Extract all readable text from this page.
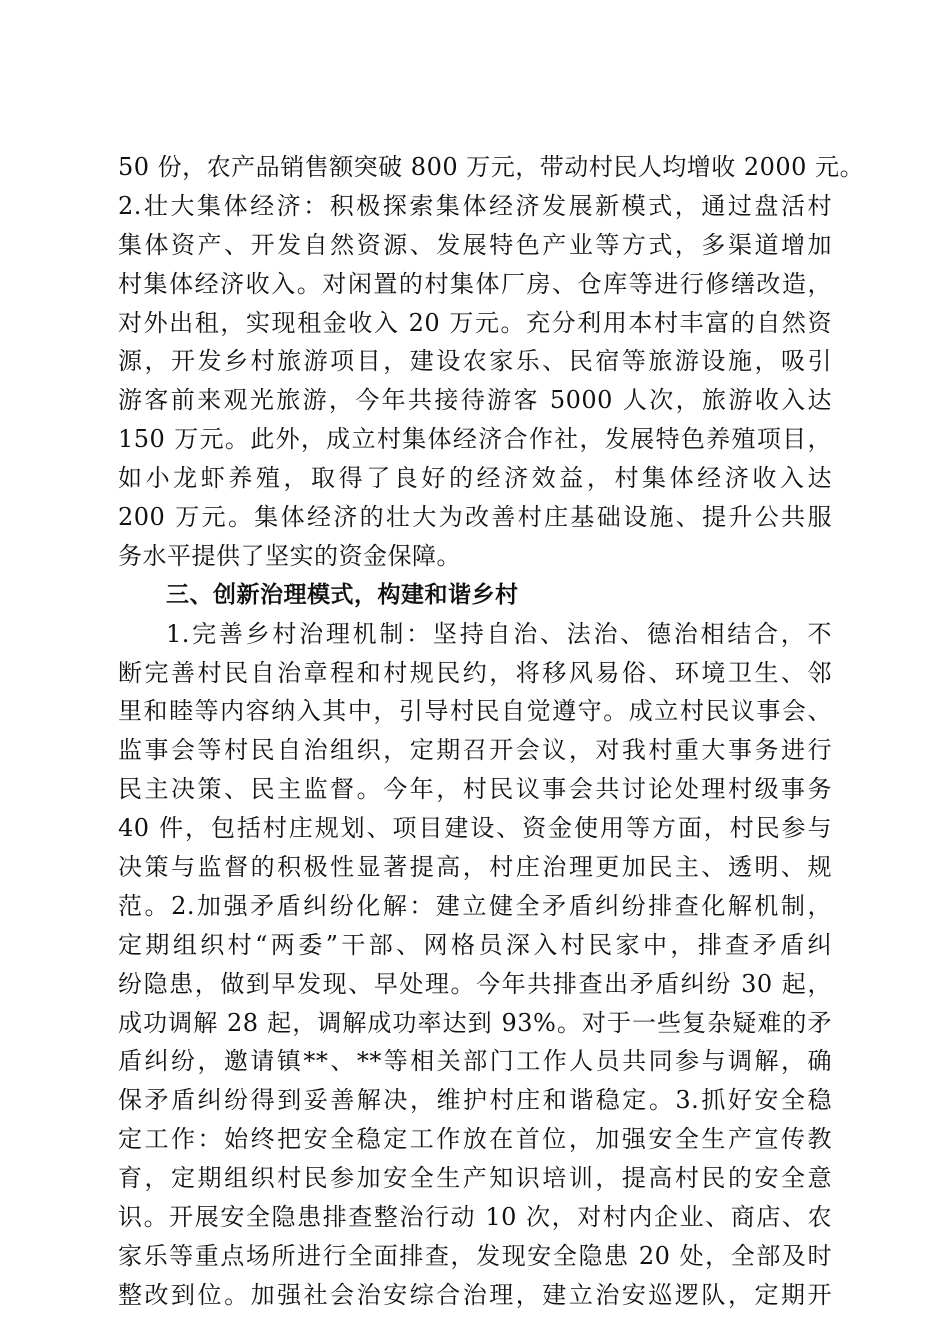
50 份，农产品销售额突破 800 万元，带动村民人均增收 2000 元。
2.壮大集体经济：积极探索集体经济发展新模式，通过盘活村
集体资产、开发自然资源、发展特色产业等方式，多渠道增加
村集体经济收入。对闲置的村集体厂房、仓库等进行修缮改造，
对外出租，实现租金收入 20 万元。充分利用本村丰富的自然资
源，开发乡村旅游项目，建设农家乐、民宿等旅游设施，吸引
游客前来观光旅游，今年共接待游客 5000 人次，旅游收入达
150 万元。此外，成立村集体经济合作社，发展特色养殖项目，
如小龙虾养殖，取得了良好的经济效益，村集体经济收入达
200 万元。集体经济的壮大为改善村庄基础设施、提升公共服
务水平提供了坚实的资金保障。
三、创新治理模式，构建和谐乡村
1.完善乡村治理机制：坚持自治、法治、德治相结合，不
断完善村民自治章程和村规民约，将移风易俗、环境卫生、邻
里和睦等内容纳入其中，引导村民自觉遵守。成立村民议事会、
监事会等村民自治组织，定期召开会议，对我村重大事务进行
民主决策、民主监督。今年，村民议事会共讨论处理村级事务
40 件，包括村庄规划、项目建设、资金使用等方面，村民参与
决策与监督的积极性显著提高，村庄治理更加民主、透明、规
范。2.加强矛盾纠纷化解：建立健全矛盾纠纷排查化解机制，
定期组织村“两委”干部、网格员深入村民家中，排查矛盾纠
纷隐患，做到早发现、早处理。今年共排查出矛盾纠纷 30 起，
成功调解 28 起，调解成功率达到 93%。对于一些复杂疑难的矛
盾纠纷，邀请镇**、**等相关部门工作人员共同参与调解，确
保矛盾纠纷得到妥善解决，维护村庄和谐稳定。3.抓好安全稳
定工作：始终把安全稳定工作放在首位，加强安全生产宣传教
育，定期组织村民参加安全生产知识培训，提高村民的安全意
识。开展安全隐患排查整治行动 10 次，对村内企业、商店、农
家乐等重点场所进行全面排查，发现安全隐患 20 处，全部及时
整改到位。加强社会治安综合治理，建立治安巡逻队，定期开
